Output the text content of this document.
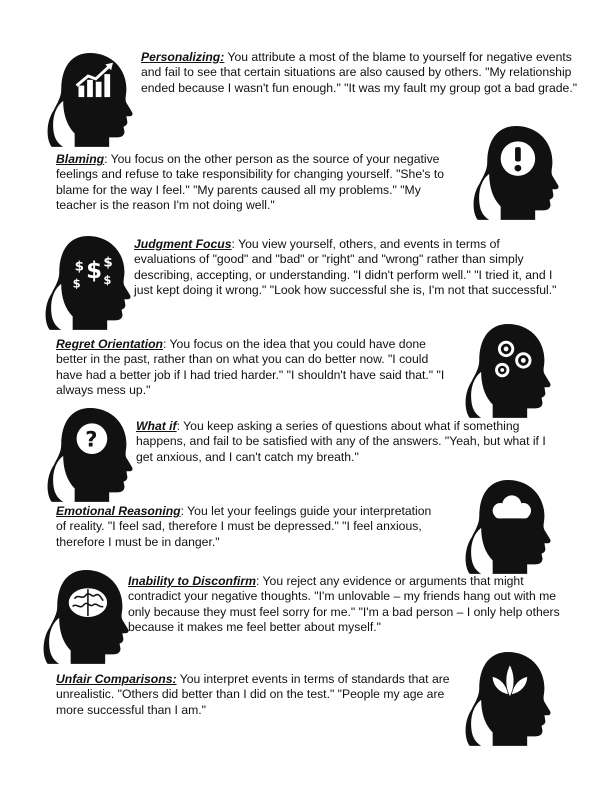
Personalizing: You attribute a most of the blame to yourself for negative events and fail to see that certain situations are also caused by others. "My relationship ended because I wasn't fun enough." "It was my fault my group got a bad grade."
Blaming: You focus on the other person as the source of your negative feelings and refuse to take responsibility for changing yourself. "She's to blame for the way I feel." "My parents caused all my problems." "My teacher is the reason I'm not doing well."
$ $ $
$ $
Judgment Focus: You view yourself, others, and events in terms of evaluations of "good" and "bad" or "right" and "wrong" rather than simply describing, accepting, or understanding. "I didn't perform well." "I tried it, and I just kept doing it wrong." "Look how successful she is, I'm not that successful."
Regret Orientation: You focus on the idea that you could have done better in the past, rather than on what you can do better now. "I could have had a better job if I had tried harder." "I shouldn't have said that." "I always mess up."
?
What if: You keep asking a series of questions about what if something happens, and fail to be satisfied with any of the answers. "Yeah, but what if I get anxious, and I can't catch my breath."
Emotional Reasoning: You let your feelings guide your interpretation of reality. "I feel sad, therefore I must be depressed." "I feel anxious, therefore I must be in danger."
Inability to Disconfirm: You reject any evidence or arguments that might contradict your negative thoughts. "I'm unlovable – my friends hang out with me only because they must feel sorry for me." "I'm a bad person – I only help others because it makes me feel better about myself."
Unfair Comparisons: You interpret events in terms of standards that are unrealistic. "Others did better than I did on the test." "People my age are more successful than I am."
